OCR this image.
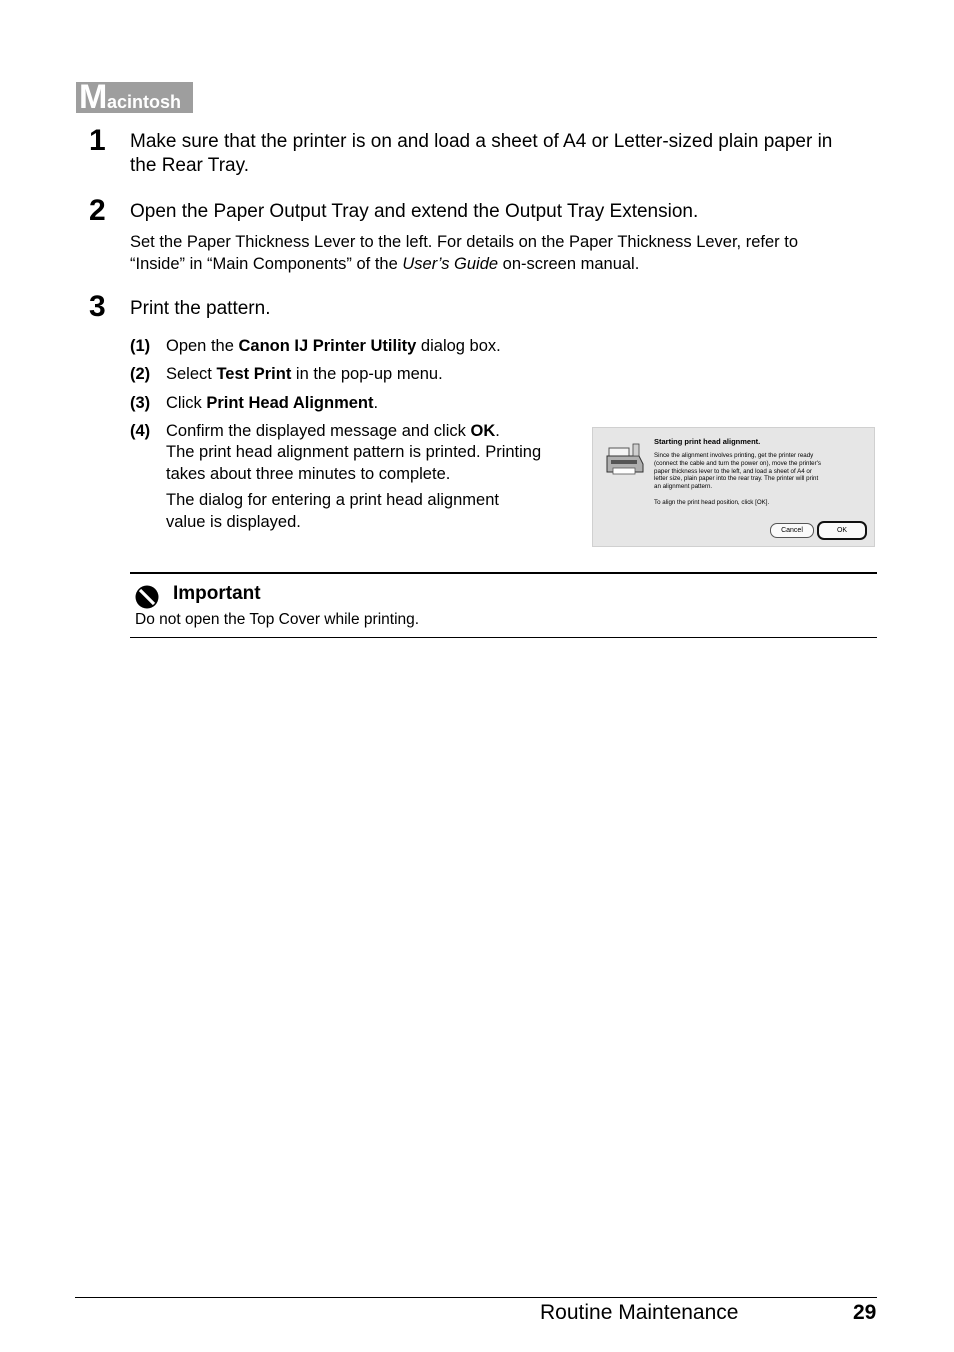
M acintosh
1 Make sure that the printer is on and load a sheet of A4 or Letter-sized plain paper in
the Rear Tray.
2 Open the Paper Output Tray and extend the Output Tray Extension.
Set the Paper Thickness Lever to the left. For details on the Paper Thickness Lever, refer to
“Inside” in “Main Components” of the User’s Guide on-screen manual.
3 Print the pattern.
(1) Open the Canon IJ Printer Utility dialog box.
(2) Select Test Print in the pop-up menu.
(3) Click Print Head Alignment.
(4) Confirm the displayed message and click OK.
The print head alignment pattern is printed. Printing
takes about three minutes to complete.
The dialog for entering a print head alignment
value is displayed.
Starting print head alignment.
Since the alignment involves printing, get the printer ready
(connect the cable and turn the power on), move the printer's
paper thickness lever to the left, and load a sheet of A4 or
letter size, plain paper into the rear tray. The printer will print
an alignment pattern.
To align the print head position, click [OK].
Cancel	OK
Important
Do not open the Top Cover while printing.
Routine Maintenance	29
